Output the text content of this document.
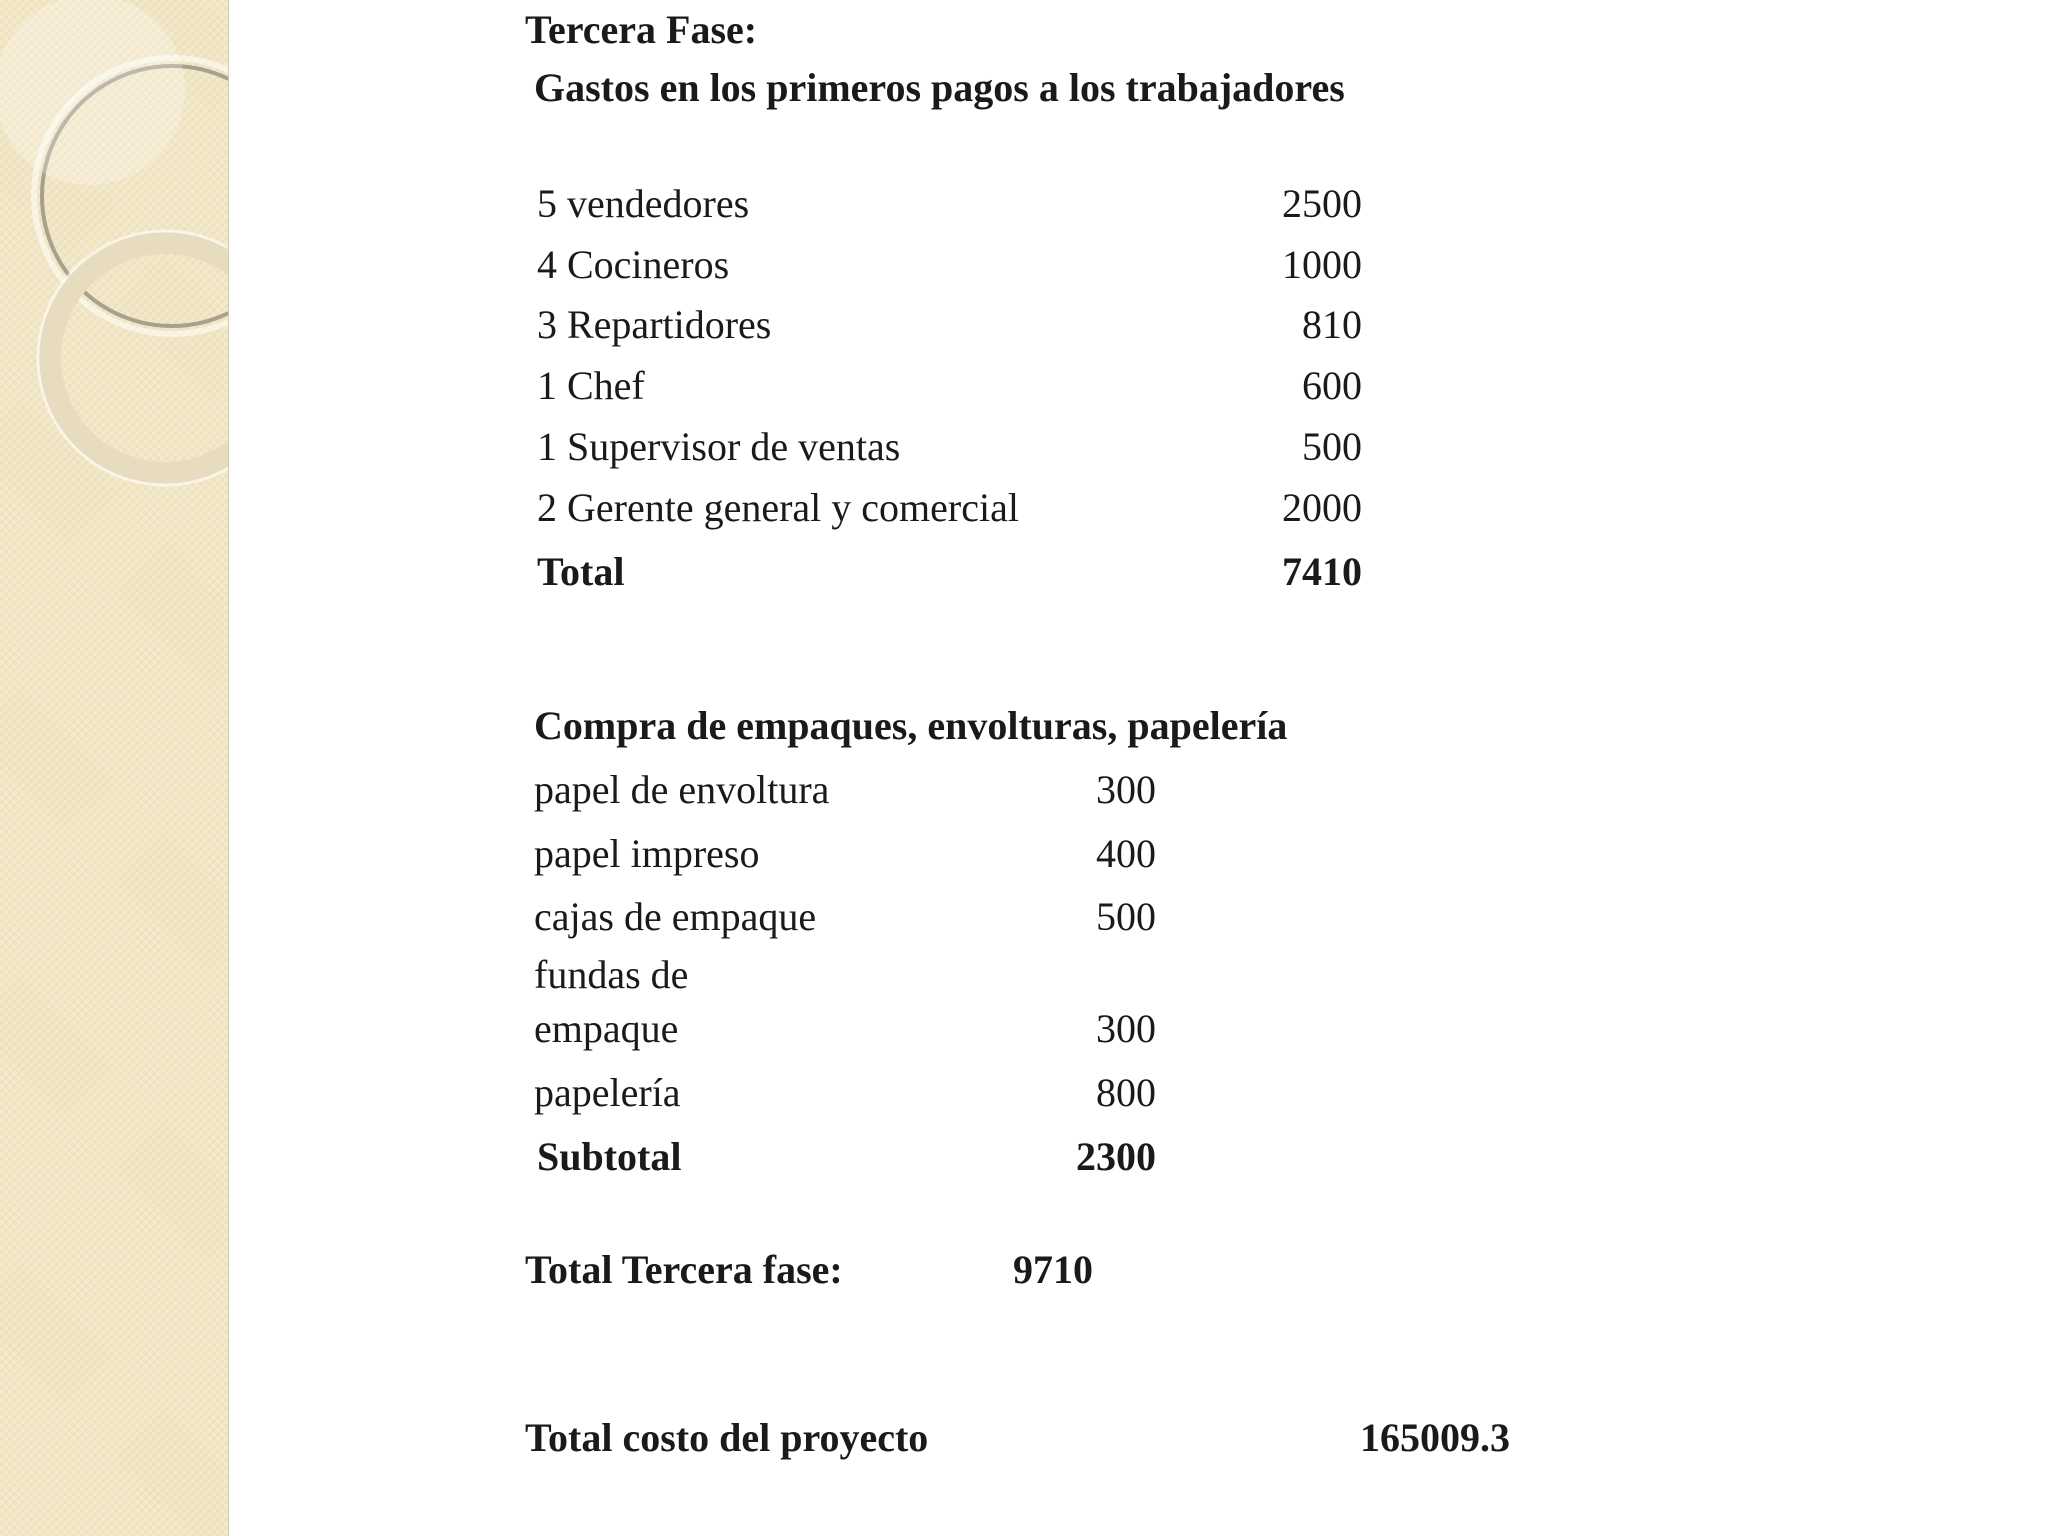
Tercera Fase:
Gastos en los primeros pagos a los trabajadores
5 vendedores	2500
4 Cocineros	1000
3 Repartidores	810
1 Chef	600
1 Supervisor de ventas	500
2 Gerente general y comercial	2000
Total	7410
Compra de empaques, envolturas, papelería
papel de envoltura	300
papel impreso	400
cajas de empaque	500
fundas de
empaque	300
papelería	800
Subtotal	2300
Total Tercera fase:	9710
Total costo del proyecto	165009.3
